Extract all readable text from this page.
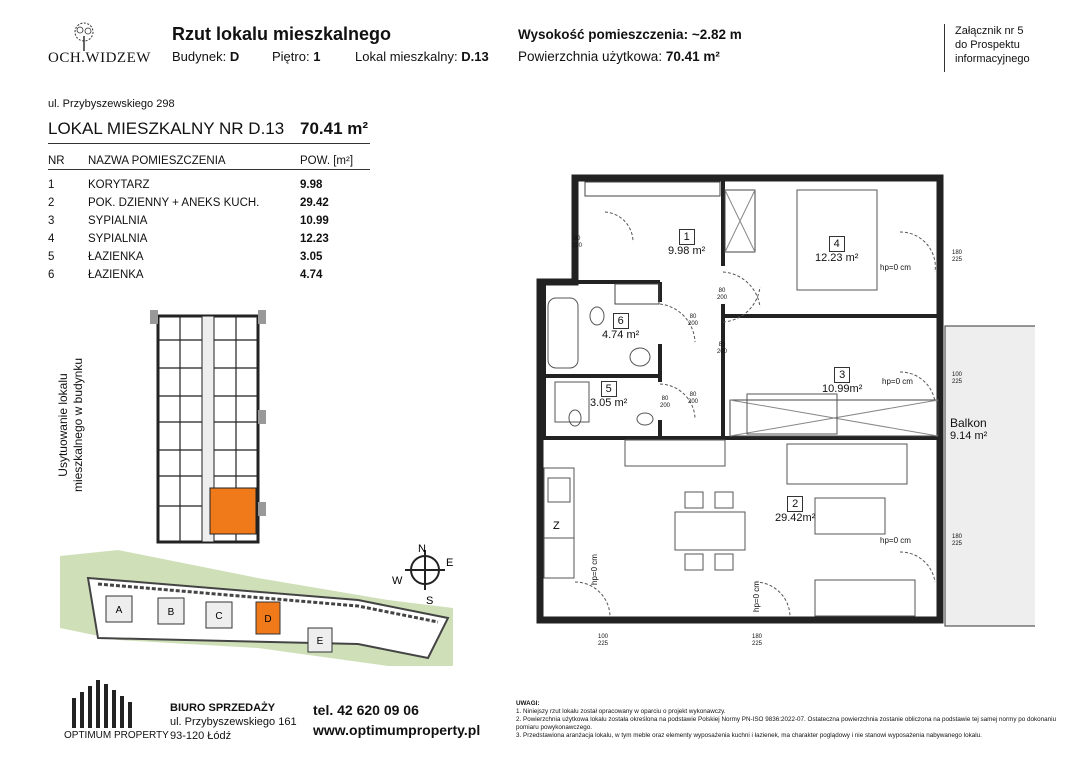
OCH.WIDZEW
Rzut lokalu mieszkalnego
Budynek: D	Piętro: 1	Lokal mieszkalny: D.13
Wysokość pomieszczenia: ~2.82 m
Powierzchnia użytkowa: 70.41 m²
Załącznik nr 5
do Prospektu
informacyjnego
ul. Przybyszewskiego 298
LOKAL MIESZKALNY NR D.13 70.41 m²
NR	NAZWA POMIESZCZENIA	POW. [m²]

1	KORYTARZ	9.98
2	POK. DZIENNY + ANEKS KUCH.	29.42
3	SYPIALNIA	10.99
4	SYPIALNIA	12.23
5	ŁAZIENKA	3.05
6	ŁAZIENKA	4.74
Usytuowanie lokalu mieszkalnego w budynku
A	B	C	D
E
N
E
S
W
Z
1
9.98 m²
2
29.42m²
3
10.99m²
4
12.23 m²
5
3.05 m²
6
4.74 m²
Balkon
9.14 m²
90
200
80
200
80
200
80
200
80
200
80
200
180
225
100
225
180
225
100
225
180
225
hp=0 cm
hp=0 cm
hp=0 cm
hp=0 cm
hp=0 cm
OPTIMUM PROPERTY
BIURO SPRZEDAŻY
ul. Przybyszewskiego 161
93-120 Łódź
tel. 42 620 09 06
www.optimumproperty.pl
UWAGI:
1. Niniejszy rzut lokalu został opracowany w oparciu o projekt wykonawczy.
2. Powierzchnia użytkowa lokalu została określona na podstawie Polskiej Normy PN-ISO 9836:2022-07. Ostateczna powierzchnia zostanie obliczona na podstawie tej samej normy po dokonaniu pomiaru powykonawczego.
3. Przedstawiona aranżacja lokalu, w tym meble oraz elementy wyposażenia kuchni i łazienek, ma charakter poglądowy i nie stanowi wyposażenia nabywanego lokalu.
